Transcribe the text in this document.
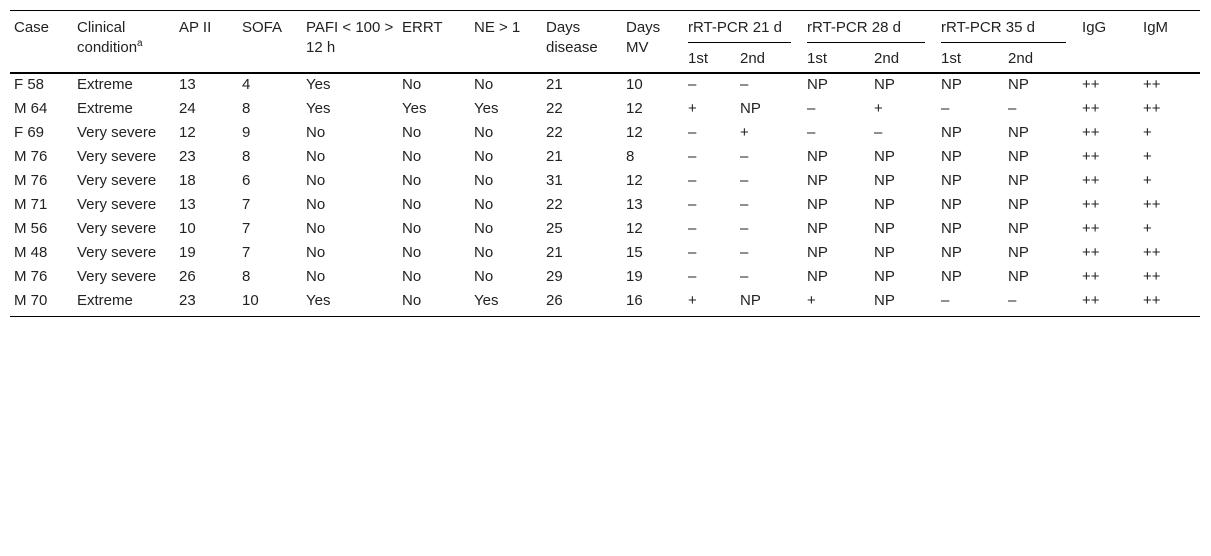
Case	Clinical condition$^a$	AP II	SOFA	PAFI < 100 > 12 h	ERRT	NE > 1	Days disease	Days MV	rRT-PCR 21 d		rRT-PCR 28 d		rRT-PCR 35 d		IgG	IgM
									1st	2nd	1st	2nd	1st	2nd		
F 58	Extreme	13	4	Yes	No	No	21	10	–	–	NP	NP	NP	NP	++	++
M 64	Extreme	24	8	Yes	Yes	Yes	22	12	+	NP	–	+	–	–	++	++
F 69	Very severe	12	9	No	No	No	22	12	–	+	–	–	NP	NP	++	+
M 76	Very severe	23	8	No	No	No	21	8	–	–	NP	NP	NP	NP	++	+
M 76	Very severe	18	6	No	No	No	31	12	–	–	NP	NP	NP	NP	++	+
M 71	Very severe	13	7	No	No	No	22	13	–	–	NP	NP	NP	NP	++	++
M 56	Very severe	10	7	No	No	No	25	12	–	–	NP	NP	NP	NP	++	+
M 48	Very severe	19	7	No	No	No	21	15	–	–	NP	NP	NP	NP	++	++
M 76	Very severe	26	8	No	No	No	29	19	–	–	NP	NP	NP	NP	++	++
M 70	Extreme	23	10	Yes	No	Yes	26	16	+	NP	+	NP	–	–	++	++
